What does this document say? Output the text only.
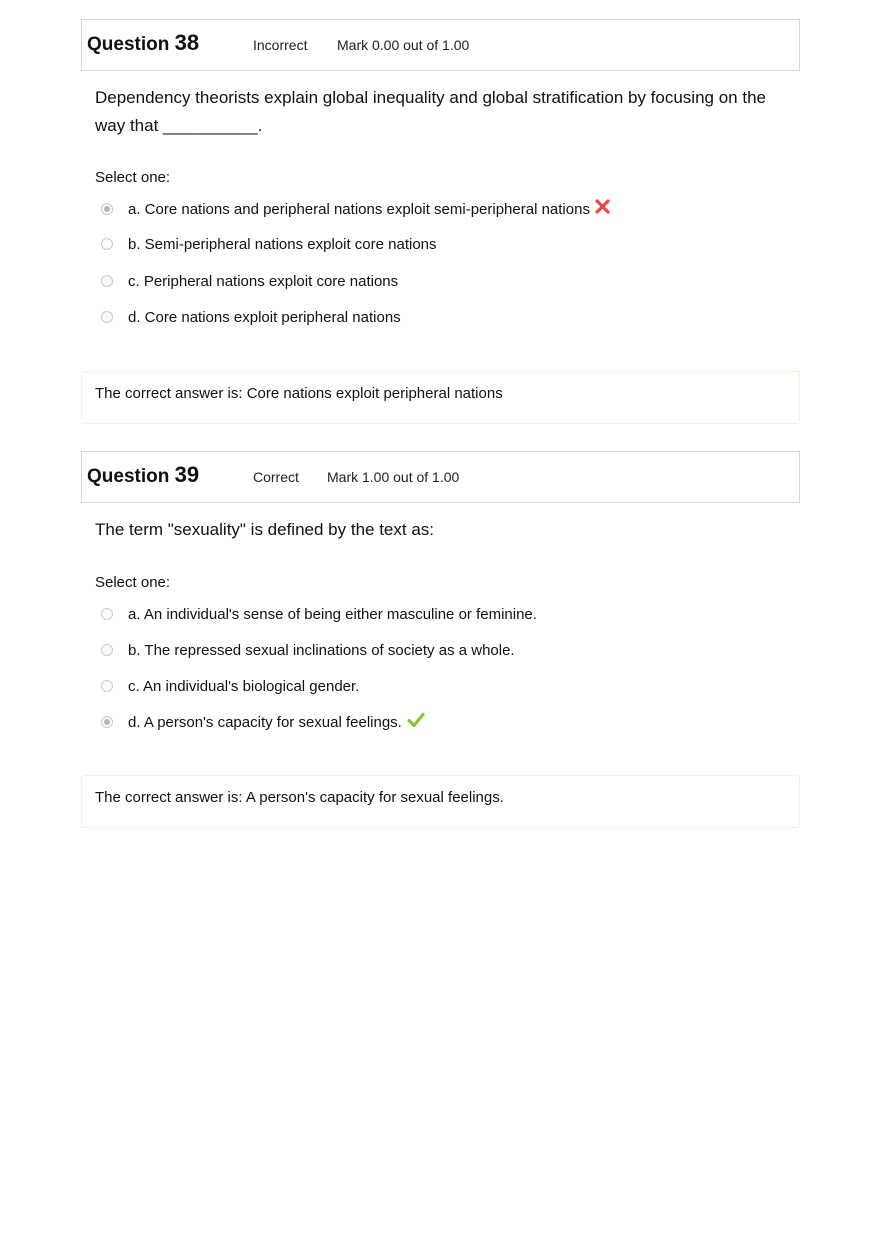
Question 38	Incorrect Mark 0.00 out of 1.00
Dependency theorists explain global inequality and global stratification by focusing on the way that __________.
Select one:
a. Core nations and peripheral nations exploit semi-peripheral nations
b. Semi-peripheral nations exploit core nations
c. Peripheral nations exploit core nations
d. Core nations exploit peripheral nations
The correct answer is: Core nations exploit peripheral nations
Question 39	Correct Mark 1.00 out of 1.00
The term "sexuality" is defined by the text as:
Select one:
a. An individual's sense of being either masculine or feminine.
b. The repressed sexual inclinations of society as a whole.
c. An individual's biological gender.
d. A person's capacity for sexual feelings.
The correct answer is: A person's capacity for sexual feelings.
